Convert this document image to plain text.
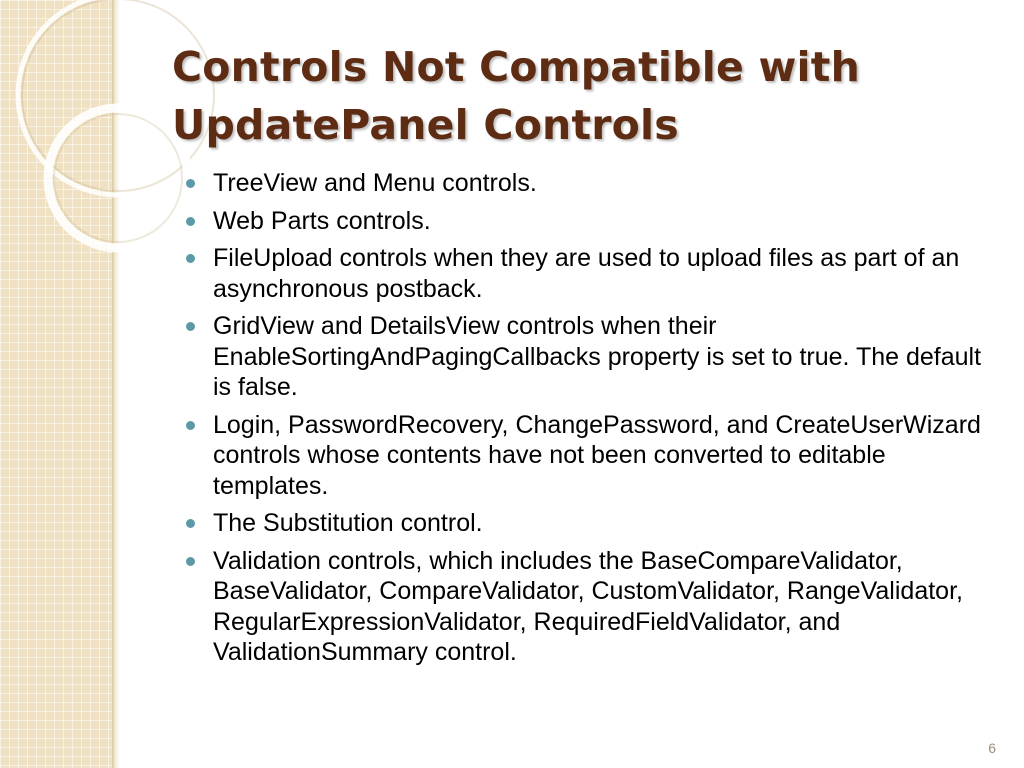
Controls Not Compatible with
UpdatePanel Controls
TreeView and Menu controls.
Web Parts controls.
FileUpload controls when they are used to upload files as part of an asynchronous postback.
GridView and DetailsView controls when their EnableSortingAndPagingCallbacks property is set to true. The default is false.
Login, PasswordRecovery, ChangePassword, and CreateUserWizard controls whose contents have not been converted to editable templates.
The Substitution control.
Validation controls, which includes the BaseCompareValidator, BaseValidator, CompareValidator, CustomValidator, RangeValidator, RegularExpressionValidator, RequiredFieldValidator, and ValidationSummary control.
6
